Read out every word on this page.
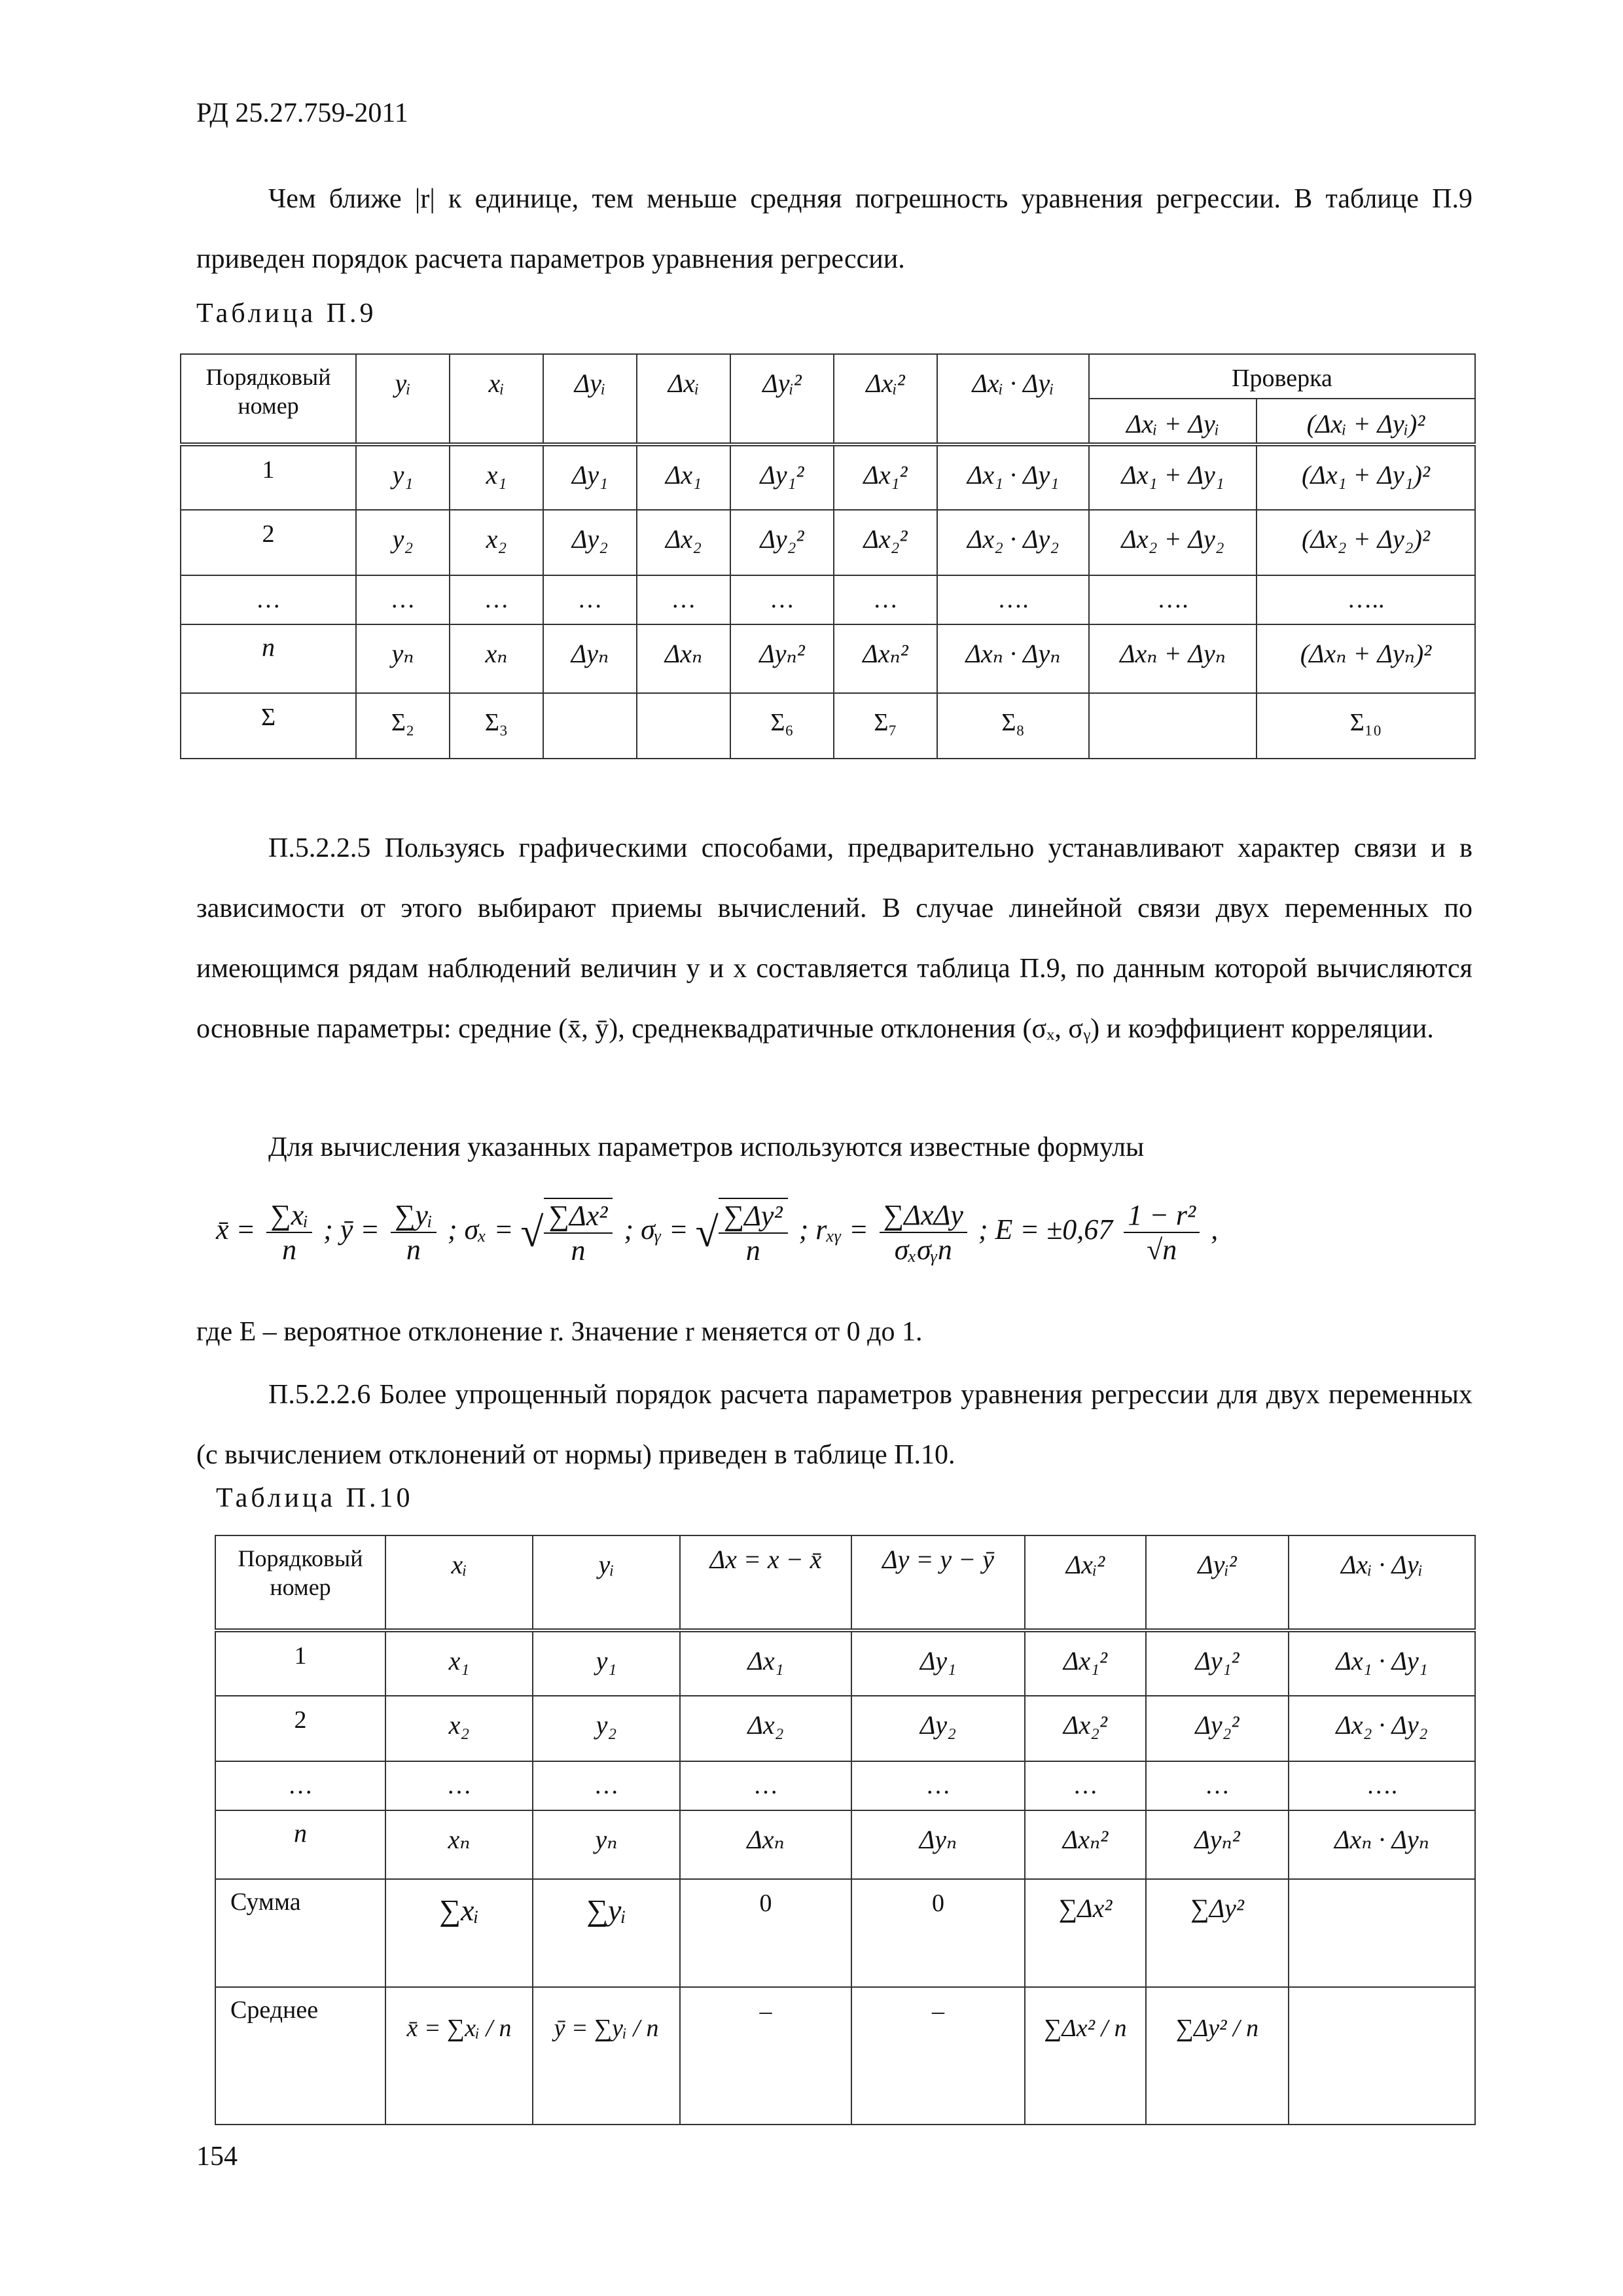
РД 25.27.759-2011

Чем ближе |r| к единице, тем меньше средняя погрешность уравнения регрессии. В таблице П.9 приведен порядок расчета параметров уравнения регрессии.

Таблица П.9
Порядковый номер	yᵢ	xᵢ	Δyᵢ	Δxᵢ	Δyᵢ²	Δxᵢ²	Δxᵢ · Δyᵢ	Проверка	
								Δxᵢ + Δyᵢ	(Δxᵢ + Δyᵢ)²
1	y₁	x₁	Δy₁	Δx₁	Δy₁²	Δx₁²	Δx₁ · Δy₁	Δx₁ + Δy₁	(Δx₁ + Δy₁)²
2	y₂	x₂	Δy₂	Δx₂	Δy₂²	Δx₂²	Δx₂ · Δy₂	Δx₂ + Δy₂	(Δx₂ + Δy₂)²
…	…	…	…	…	…	…	….	….	…..
n	yₙ	xₙ	Δyₙ	Δxₙ	Δyₙ²	Δxₙ²	Δxₙ · Δyₙ	Δxₙ + Δyₙ	(Δxₙ + Δyₙ)²
Σ	Σ₂	Σ₃			Σ₆	Σ₇	Σ₈		Σ₁₀

П.5.2.2.5 Пользуясь графическими способами, предварительно устанавливают характер связи и в зависимости от этого выбирают приемы вычислений. В случае линейной связи двух переменных по имеющимся рядам наблюдений величин y и x составляется таблица П.9, по данным которой вычисляются основные параметры: средние (x̄, ȳ), среднеквадратичные отклонения (σₓ, σᵧ) и коэффициент корреляции.

Для вычисления указанных параметров используются известные формулы
x̄ = $\frac{\text{∑xᵢ}}{n}$ ; ȳ = $\frac{\text{∑yᵢ}}{n}$ ; σₓ = √ $\frac{\text{∑Δx²}}{n}$ ; σᵧ = √ $\frac{\text{∑Δy²}}{n}$ ; rₓᵧ = ∑ΔxΔy
σₓσᵧn
; $E = \pm 0,67 \frac{\text{1 − r²}}{√n}$ ,
где E – вероятное отклонение r. Значение r меняется от 0 до 1.

П.5.2.2.6 Более упрощенный порядок расчета параметров уравнения регрессии для двух переменных (с вычислением отклонений от нормы) приведен в таблице П.10.

Таблица П.10
Порядковый номер	xᵢ	yᵢ	Δx = x − x̄	Δy = y − ȳ	Δxᵢ²	Δyᵢ²	Δxᵢ · Δyᵢ
1	x₁	y₁	Δx₁	Δy₁	Δx₁²	Δy₁²	Δx₁ · Δy₁
2	x₂	y₂	Δx₂	Δy₂	Δx₂²	Δy₂²	Δx₂ · Δy₂
…	…	…	…	…	…	…	….
n	xₙ	yₙ	Δxₙ	Δyₙ	Δxₙ²	Δyₙ²	Δxₙ · Δyₙ
Сумма	∑xᵢ	∑yᵢ	0	0	∑Δx²	∑Δy²	
Среднее	x̄ = ∑xᵢ / n	ȳ = ∑yᵢ / n	–	–	∑Δx² / n	∑Δy² / n	
154
